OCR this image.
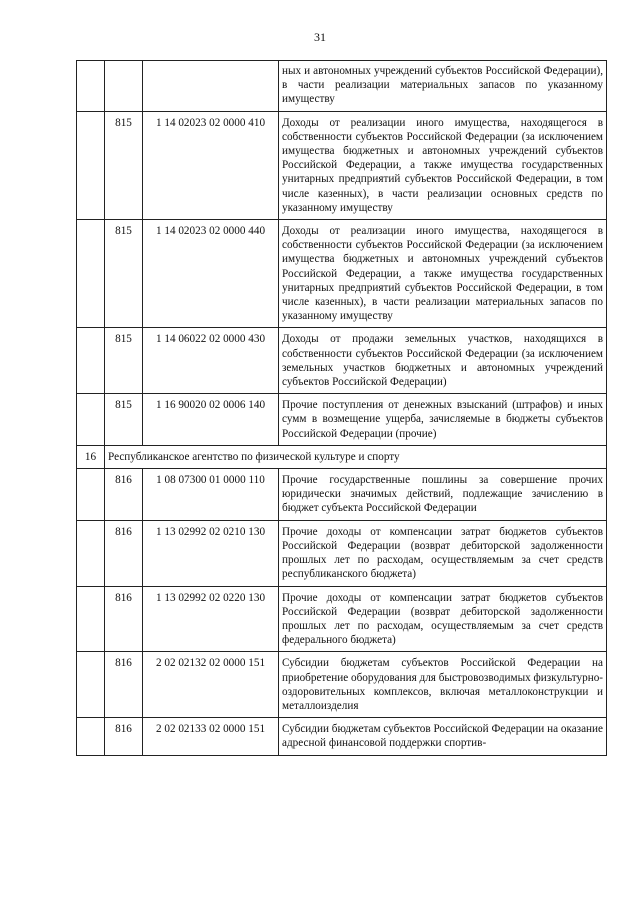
31
			ных и автономных учреждений субъектов Российской Федерации), в части реализации материальных запасов по указанному имуществу
	815	1 14 02023 02 0000 410	Доходы от реализации иного имущества, находящегося в собственности субъектов Российской Федерации (за исключением имущества бюджетных и автономных учреждений субъектов Российской Федерации, а также имущества государственных унитарных предприятий субъектов Российской Федерации, в том числе казенных), в части реализации основных средств по указанному имуществу
	815	1 14 02023 02 0000 440	Доходы от реализации иного имущества, находящегося в собственности субъектов Российской Федерации (за исключением имущества бюджетных и автономных учреждений субъектов Российской Федерации, а также имущества государственных унитарных предприятий субъектов Российской Федерации, в том числе казенных), в части реализации материальных запасов по указанному имуществу
	815	1 14 06022 02 0000 430	Доходы от продажи земельных участков, находящихся в собственности субъектов Российской Федерации (за исключением земельных участков бюджетных и автономных учреждений субъектов Российской Федерации)
	815	1 16 90020 02 0006 140	Прочие поступления от денежных взысканий (штрафов) и иных сумм в возмещение ущерба, зачисляемые в бюджеты субъектов Российской Федерации (прочие)
16	Республиканское агентство по физической культуре и спорту		
	816	1 08 07300 01 0000 110	Прочие государственные пошлины за совершение прочих юридически значимых действий, подлежащие зачислению в бюджет субъекта Российской Федерации
	816	1 13 02992 02 0210 130	Прочие доходы от компенсации затрат бюджетов субъектов Российской Федерации (возврат дебиторской задолженности прошлых лет по расходам, осуществляемым за счет средств республиканского бюджета)
	816	1 13 02992 02 0220 130	Прочие доходы от компенсации затрат бюджетов субъектов Российской Федерации (возврат дебиторской задолженности прошлых лет по расходам, осуществляемым за счет средств федерального бюджета)
	816	2 02 02132 02 0000 151	Субсидии бюджетам субъектов Российской Федерации на приобретение оборудования для быстровозводимых физкультурно-оздоровительных комплексов, включая металлоконструкции и металлоизделия
	816	2 02 02133 02 0000 151	Субсидии бюджетам субъектов Российской Федерации на оказание адресной финансовой поддержки спортив-
